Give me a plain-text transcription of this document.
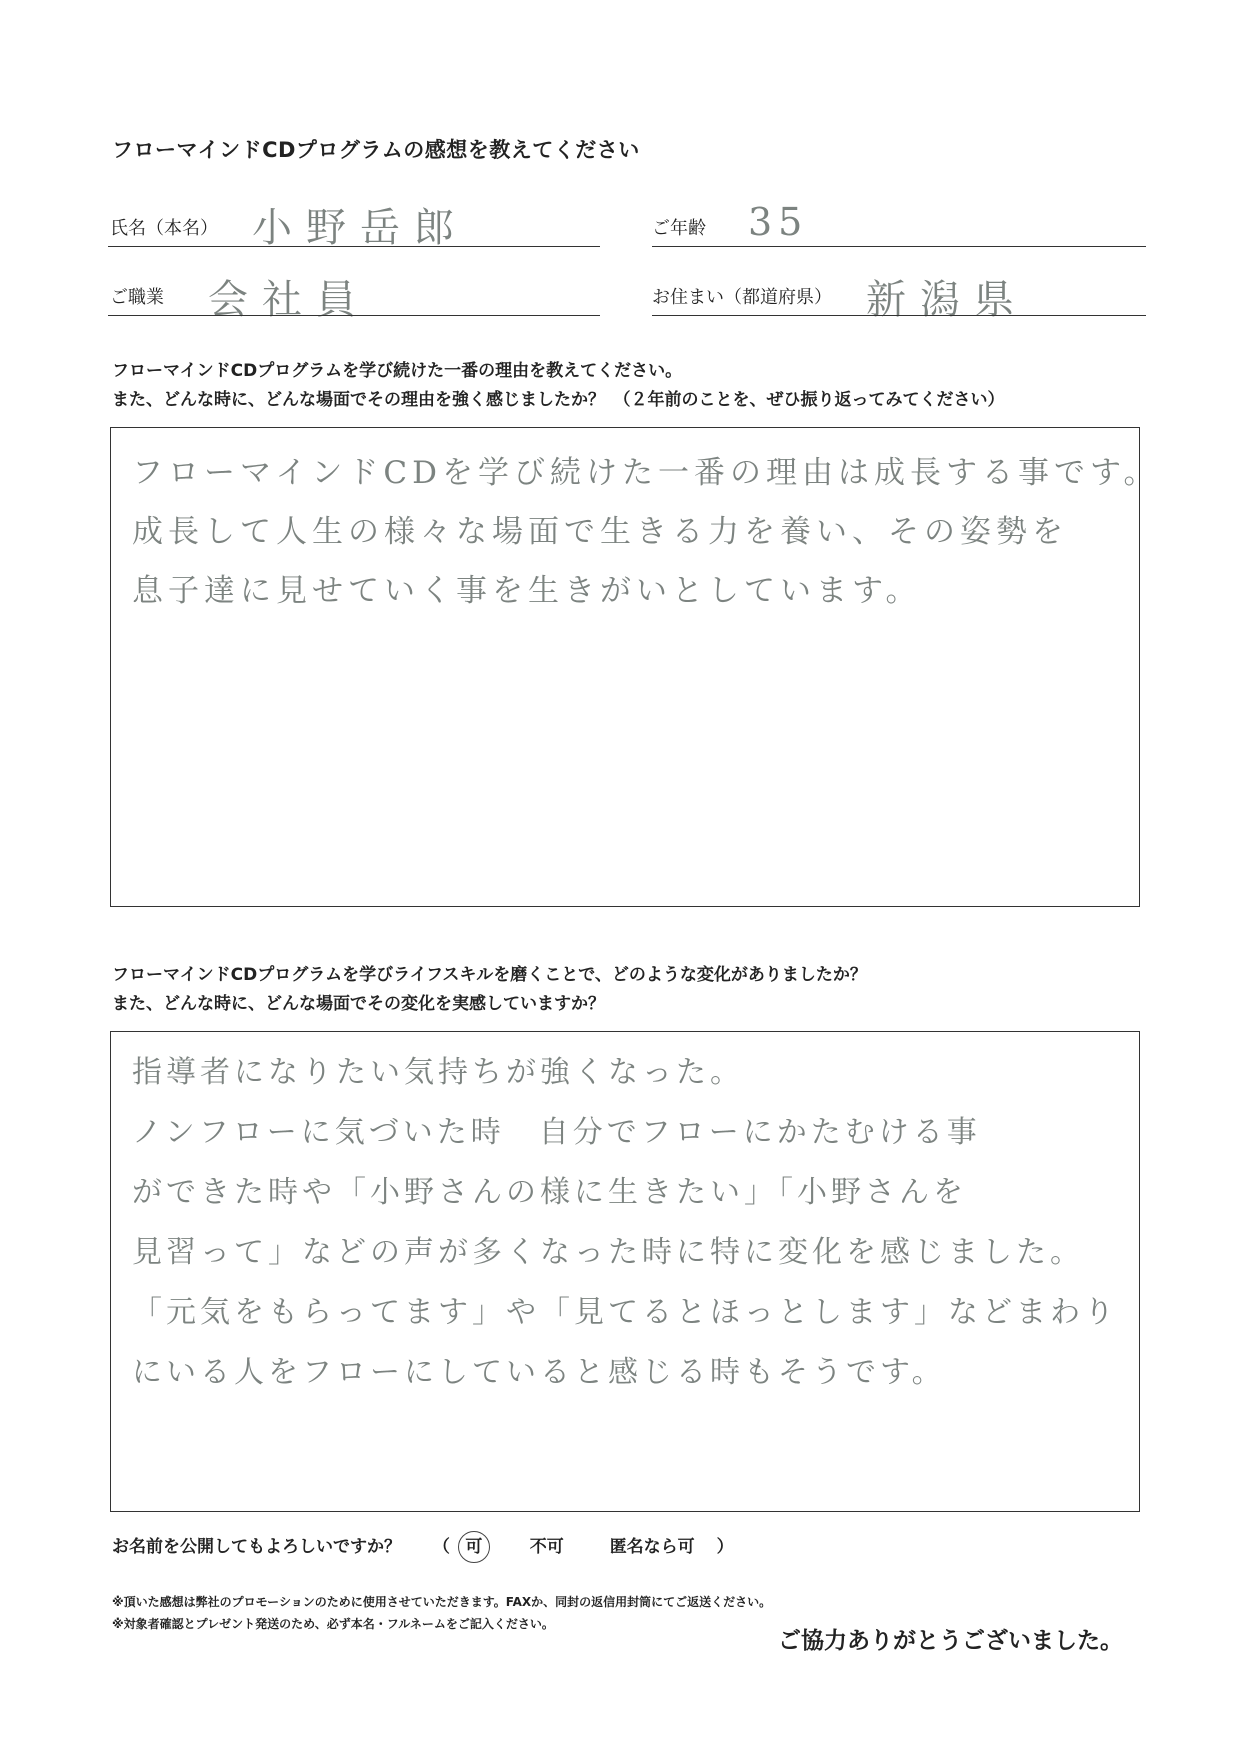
フローマインドCDプログラムの感想を教えてください
氏名（本名） 小野岳郎	ご年齢 35
ご職業 会社員	お住まい（都道府県） 新潟県
フローマインドCDプログラムを学び続けた一番の理由を教えてください。
また、どんな時に、どんな場面でその理由を強く感じましたか？　（２年前のことを、ぜひ振り返ってみてください）
フローマインドCDを学び続けた一番の理由は成長する事です。
成長して人生の様々な場面で生きる力を養い、その姿勢を
息子達に見せていく事を生きがいとしています。
フローマインドCDプログラムを学びライフスキルを磨くことで、どのような変化がありましたか？
また、どんな時に、どんな場面でその変化を実感していますか？
指導者になりたい気持ちが強くなった。
ノンフローに気づいた時　自分でフローにかたむける事
ができた時や「小野さんの様に生きたい」「小野さんを
見習って」などの声が多くなった時に特に変化を感じました。
「元気をもらってます」や「見てるとほっとします」などまわり
にいる人をフローにしていると感じる時もそうです。
お名前を公開してもよろしいですか？ （ 可	不可	匿名なら可 ）
※頂いた感想は弊社のプロモーションのために使用させていただきます。FAXか、同封の返信用封筒にてご返送ください。
※対象者確認とプレゼント発送のため、必ず本名・フルネームをご記入ください。
ご協力ありがとうございました。
